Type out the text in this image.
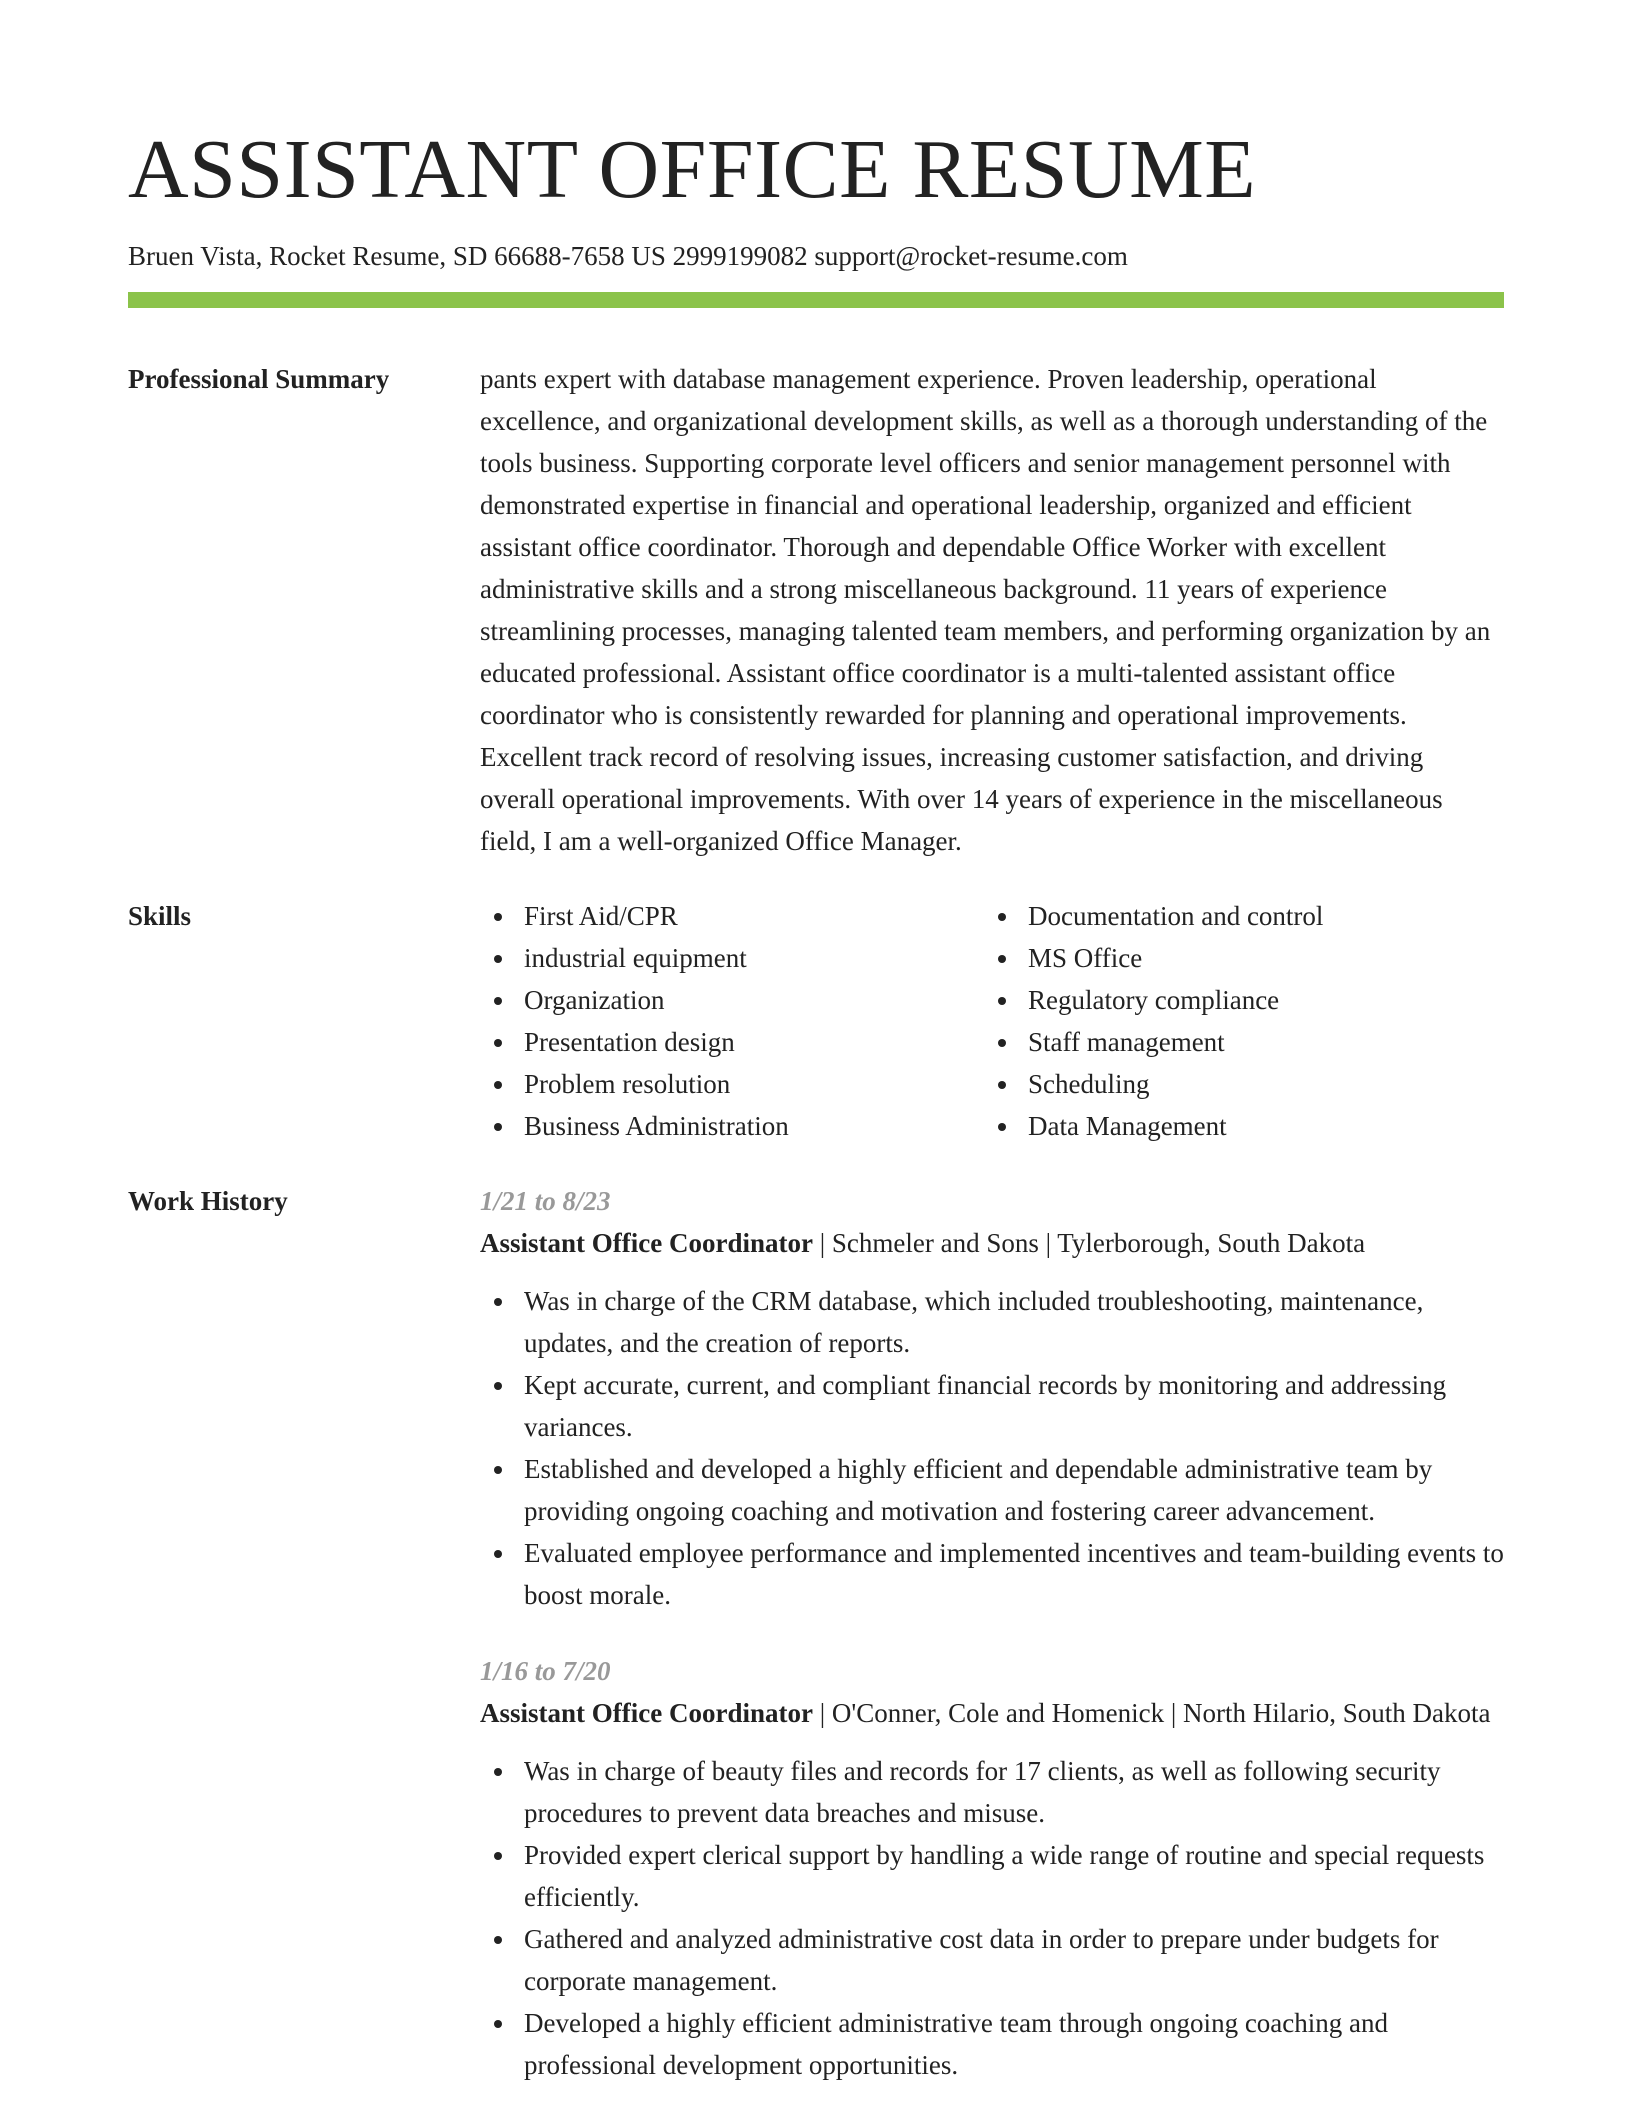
ASSISTANT OFFICE RESUME
Bruen Vista, Rocket Resume, SD 66688-7658 US 2999199082 support@rocket-resume.com
Professional Summary	pants expert with database management experience. Proven leadership, operational excellence, and organizational development skills, as well as a thorough understanding of the tools business. Supporting corporate level officers and senior management personnel with demonstrated expertise in financial and operational leadership, organized and efficient assistant office coordinator. Thorough and dependable Office Worker with excellent administrative skills and a strong miscellaneous background. 11 years of experience streamlining processes, managing talented team members, and performing organization by an educated professional. Assistant office coordinator is a multi-talented assistant office coordinator who is consistently rewarded for planning and operational improvements. Excellent track record of resolving issues, increasing customer satisfaction, and driving overall operational improvements. With over 14 years of experience in the miscellaneous field, I am a well-organized Office Manager.
Skills	First Aid/CPR
industrial equipment
Organization
Presentation design
Problem resolution
Business Administration
Documentation and control
MS Office
Regulatory compliance
Staff management
Scheduling
Data Management
Work History	1/21 to 8/23
Assistant Office Coordinator | Schmeler and Sons | Tylerborough, South Dakota
Was in charge of the CRM database, which included troubleshooting, maintenance, updates, and the creation of reports.
Kept accurate, current, and compliant financial records by monitoring and addressing variances.
Established and developed a highly efficient and dependable administrative team by providing ongoing coaching and motivation and fostering career advancement.
Evaluated employee performance and implemented incentives and team-building events to boost morale.
1/16 to 7/20
Assistant Office Coordinator | O'Conner, Cole and Homenick | North Hilario, South Dakota
Was in charge of beauty files and records for 17 clients, as well as following security procedures to prevent data breaches and misuse.
Provided expert clerical support by handling a wide range of routine and special requests efficiently.
Gathered and analyzed administrative cost data in order to prepare under budgets for corporate management.
Developed a highly efficient administrative team through ongoing coaching and professional development opportunities.
